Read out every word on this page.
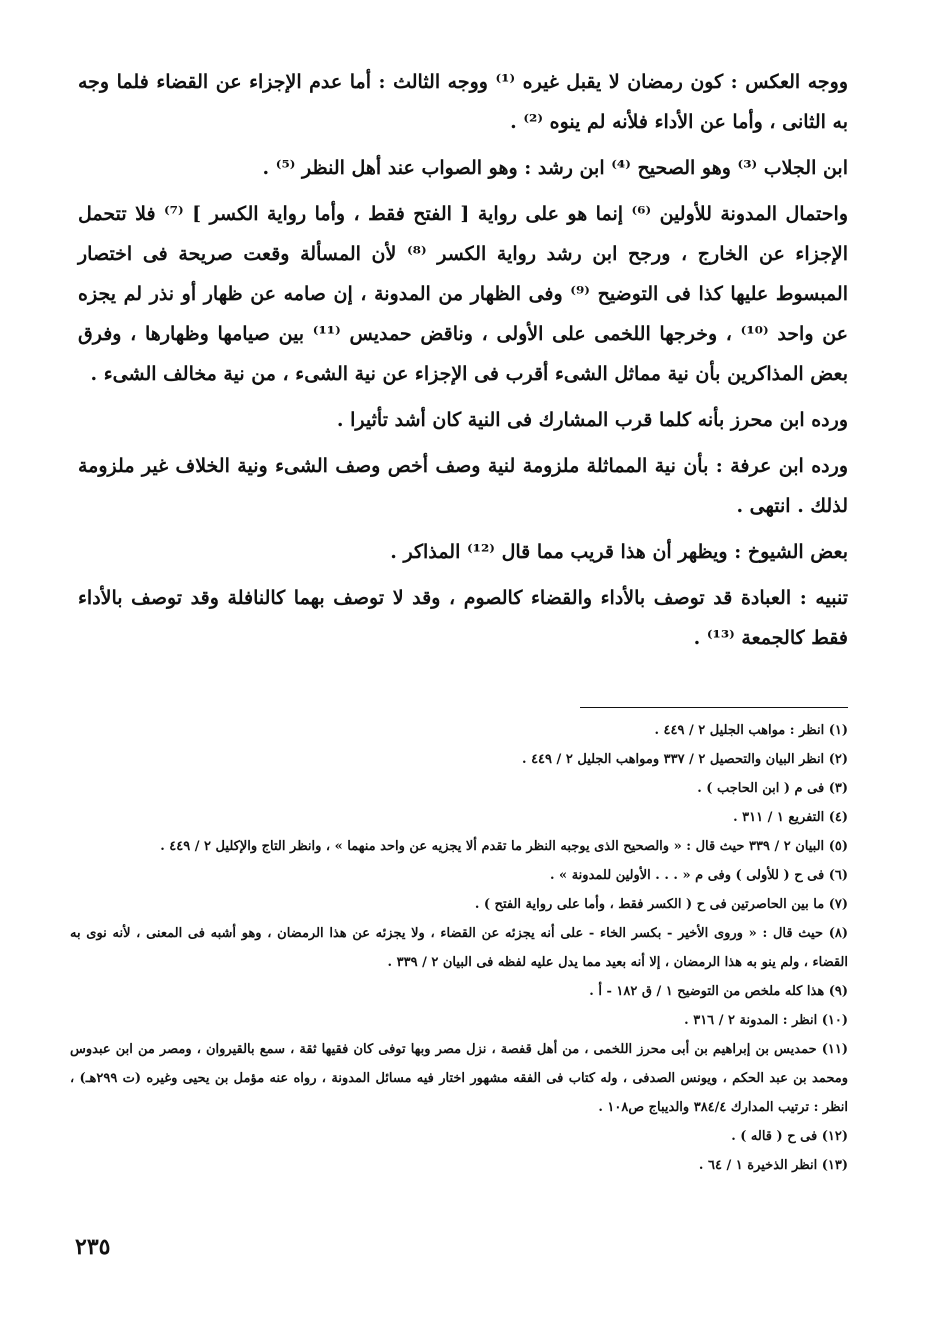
ووجه العكس : كون رمضان لا يقبل غيره ⁽¹⁾ ووجه الثالث : أما عدم الإجزاء عن القضاء فلما وجه به الثانى ، وأما عن الأداء فلأنه لم ينوه ⁽²⁾ .

ابن الجلاب ⁽³⁾ وهو الصحيح ⁽⁴⁾ ابن رشد : وهو الصواب عند أهل النظر ⁽⁵⁾ .

واحتمال المدونة للأولين ⁽⁶⁾ إنما هو على رواية [ الفتح فقط ، وأما رواية الكسر ] ⁽⁷⁾ فلا تتحمل الإجزاء عن الخارج ، ورجح ابن رشد رواية الكسر ⁽⁸⁾ لأن المسألة وقعت صريحة فى اختصار المبسوط عليها كذا فى التوضيح ⁽⁹⁾ وفى الظهار من المدونة ، إن صامه عن ظهار أو نذر لم يجزه عن واحد ⁽¹⁰⁾ ، وخرجها اللخمى على الأولى ، وناقض حمديس ⁽¹¹⁾ بين صيامها وظهارها ، وفرق بعض المذاكرين بأن نية مماثل الشىء أقرب فى الإجزاء عن نية الشىء ، من نية مخالف الشىء .

ورده ابن محرز بأنه كلما قرب المشارك فى النية كان أشد تأثيرا .

ورده ابن عرفة : بأن نية المماثلة ملزومة لنية وصف أخص وصف الشىء ونية الخلاف غير ملزومة لذلك . انتهى .

بعض الشيوخ : ويظهر أن هذا قريب مما قال ⁽¹²⁾ المذاكر .

تنبيه : العبادة قد توصف بالأداء والقضاء كالصوم ، وقد لا توصف بهما كالنافلة وقد توصف بالأداء فقط كالجمعة ⁽¹³⁾ .

(١) انظر : مواهب الجليل ٢ / ٤٤٩ .

(٢) انظر البيان والتحصيل ٢ / ٣٣٧ ومواهب الجليل ٢ / ٤٤٩ .

(٣) فى م ( ابن الحاجب ) .

(٤) التفريع ١ / ٣١١ .

(٥) البيان ٢ / ٣٣٩ حيث قال : « والصحيح الذى يوجبه النظر ما تقدم ألا يجزيه عن واحد منهما » ، وانظر التاج والإكليل ٢ / ٤٤٩ .

(٦) فى ح ( للأولى ) وفى م « . . . الأولين للمدونة » .

(٧) ما بين الحاصرتين فى ح ( الكسر فقط ، وأما على رواية الفتح ) .

(٨) حيث قال : « وروى الأخير - بكسر الخاء - على أنه يجزئه عن القضاء ، ولا يجزئه عن هذا الرمضان ، وهو أشبه فى المعنى ، لأنه نوى به القضاء ، ولم ينو به هذا الرمضان ، إلا أنه بعيد مما يدل عليه لفظه فى البيان ٢ / ٣٣٩ .

(٩) هذا كله ملخص من التوضيح ١ / ق ١٨٢ - أ .

(١٠) انظر : المدونة ٢ / ٣١٦ .

(١١) حمديس بن إبراهيم بن أبى محرز اللخمى ، من أهل قفصة ، نزل مصر وبها توفى كان فقيها ثقة ، سمع بالقيروان ، ومصر من ابن عبدوس ومحمد بن عبد الحكم ، ويونس الصدفى ، وله كتاب فى الفقه مشهور اختار فيه مسائل المدونة ، رواه عنه مؤمل بن يحيى وغيره (ت ٢٩٩هـ) ، انظر : ترتيب المدارك ٣٨٤/٤ والديباج ص١٠٨ .

(١٢) فى ح ( قاله ) .

(١٣) انظر الذخيرة ١ / ٦٤ .

٢٣٥
